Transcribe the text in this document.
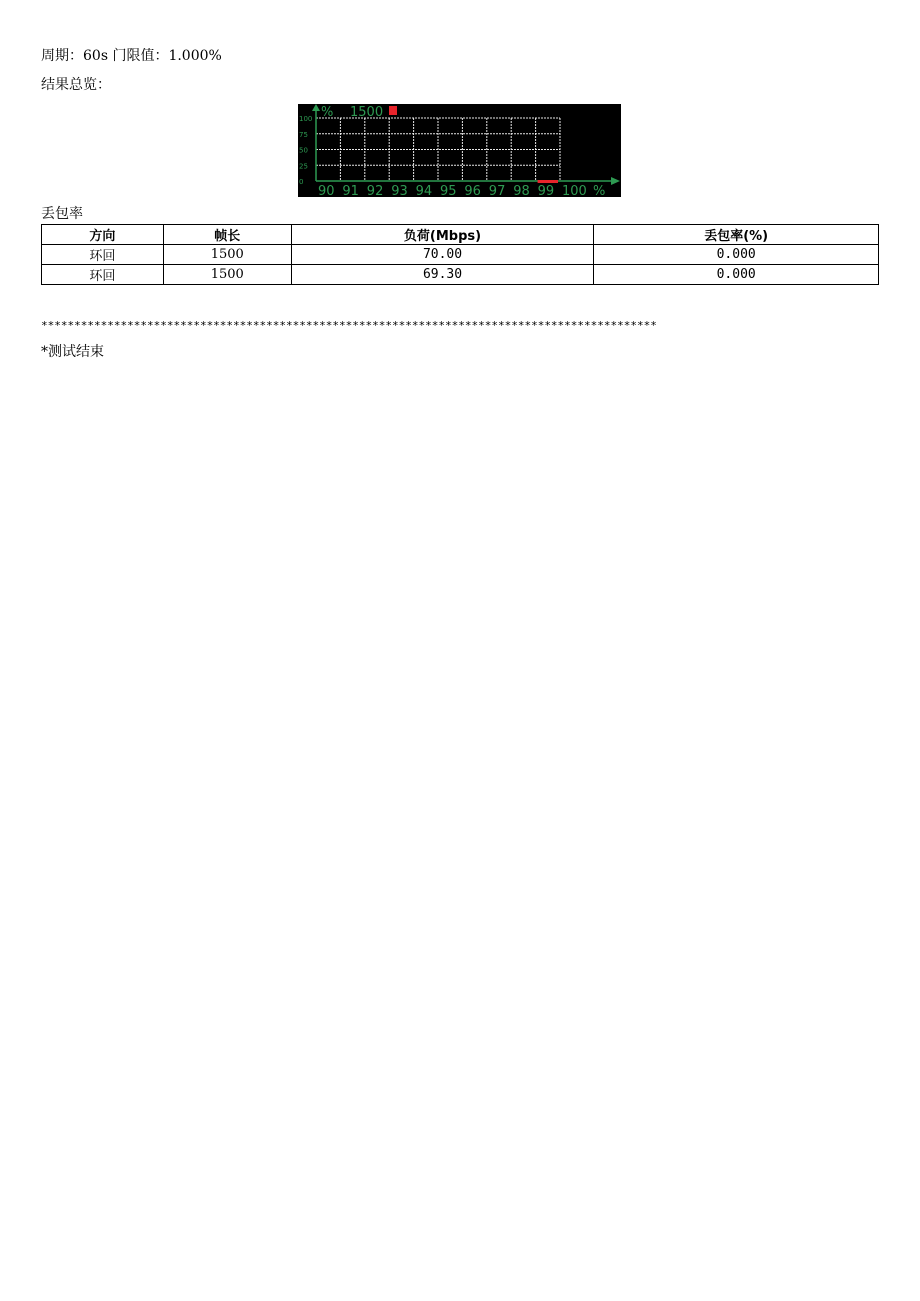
周期：60s 门限值：1.000%
结果总览：
100
75
50
25
0
% 1500
90 91 92 93 94 95 96 97 98 99 100 %
丢包率
方向	帧长	负荷(Mbps)	丢包率(%)
环回	1500	70.00	0.000
环回	1500	69.30	0.000
*********************************************************************************************
*测试结束
